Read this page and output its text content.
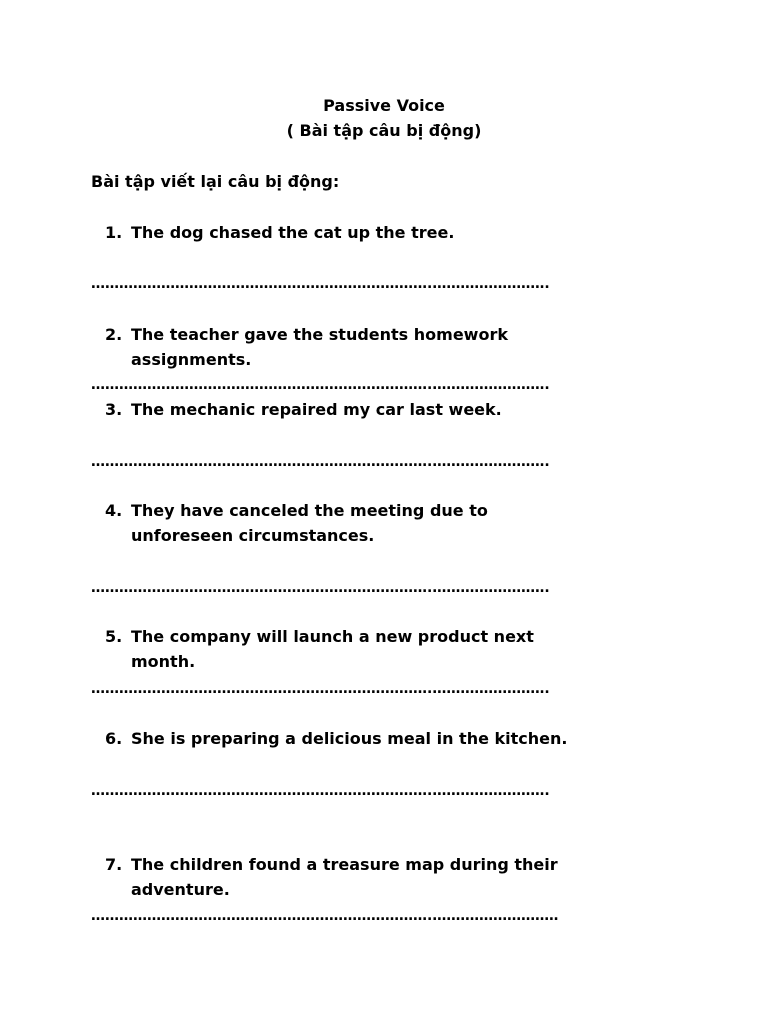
Passive Voice
( Bài tập câu bị động)
Bài tập viết lại câu bị động:
1. The dog chased the cat up the tree.
……………………………………………………………….…………………….
2. The teacher gave the students homework assignments.
……………………………………………………………….…………………….
3. The mechanic repaired my car last week.
……………………………………………………………….…………………….
4. They have canceled the meeting due to unforeseen circumstances.
……………………………………………………………….…………………….
5. The company will launch a new product next month.
……………………………………………………………….…………………….
6. She is preparing a delicious meal in the kitchen.
……………………………………………………………….…………………….
7. The children found a treasure map during their adventure.
……………………………………………………………….………………………
